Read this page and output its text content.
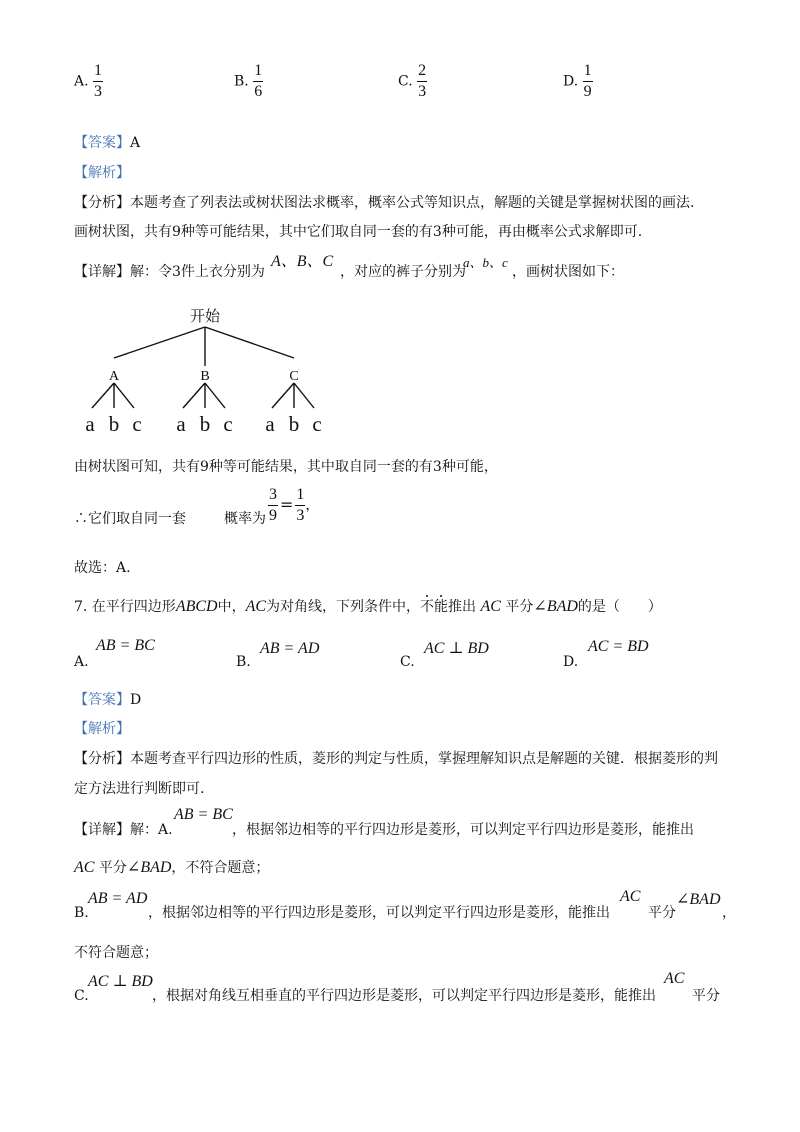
A. $\frac{1}{3}$	B. $\frac{1}{6}$	C. $\frac{2}{3}$	D. $\frac{1}{9}$
【答案】A
【解析】
【分析】本题考查了列表法或树状图法求概率，概率公式等知识点，解题的关键是掌握树状图的画法.
画树状图，共有9种等可能结果，其中它们取自同一套的有3种可能，再由概率公式求解即可.
【详解】解：令3件上衣分别为
A、B、C
，对应的裤子分别为
a、b、c
，画树状图如下：
开始
A	B	C
a b c a b c a b c
由树状图可知，共有9种等可能结果，其中取自同一套的有3种可能，
∴它们取自同一套	概率为 $\frac{3}{9} = \frac{1}{3}$ ，
故选：A.
7. 在平行四边形ABCD中，AC为对角线，下列条件中，不能推出 AC 平分∠BAD的是（　　）
A.
AB = BC
B.
AB = AD
C.
AC ⊥ BD
D.
AC = BD
【答案】D
【解析】
【分析】本题考查平行四边形的性质，菱形的判定与性质，掌握理解知识点是解题的关键．根据菱形的判
定方法进行判断即可.
【详解】解：A.
AB = BC
，根据邻边相等的平行四边形是菱形，可以判定平行四边形是菱形，能推出
AC 平分∠BAD，不符合题意；
B.
AB = AD
，根据邻边相等的平行四边形是菱形，可以判定平行四边形是菱形，能推出
AC
平分
∠BAD
，
不符合题意；
C.
AC ⊥ BD
，根据对角线互相垂直的平行四边形是菱形，可以判定平行四边形是菱形，能推出
AC
平分
